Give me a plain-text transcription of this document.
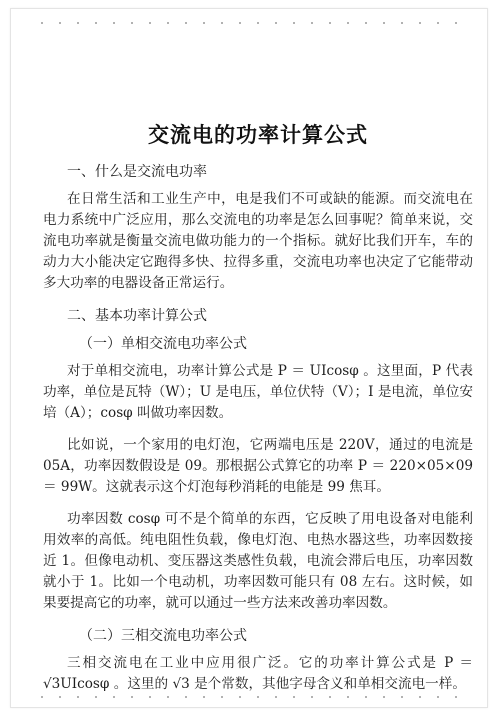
交流电的功率计算公式
一、什么是交流电功率

在日常生活和工业生产中，电是我们不可或缺的能源。而交流电在电力系统中广泛应用，那么交流电的功率是怎么回事呢？简单来说，交流电功率就是衡量交流电做功能力的一个指标。就好比我们开车，车的动力大小能决定它跑得多快、拉得多重，交流电功率也决定了它能带动多大功率的电器设备正常运行。

二、基本功率计算公式
（一）单相交流电功率公式

对于单相交流电，功率计算公式是 P ＝ UIcosφ 。这里面，P 代表功率，单位是瓦特（W）；U 是电压，单位伏特（V）；I 是电流，单位安培（A）；cosφ 叫做功率因数。

比如说，一个家用的电灯泡，它两端电压是 220V，通过的电流是 05A，功率因数假设是 09。那根据公式算它的功率 P ＝ 220×05×09 ＝ 99W。这就表示这个灯泡每秒消耗的电能是 99 焦耳。

功率因数 cosφ 可不是个简单的东西，它反映了用电设备对电能利用效率的高低。纯电阻性负载，像电灯泡、电热水器这些，功率因数接近 1。但像电动机、变压器这类感性负载，电流会滞后电压，功率因数就小于 1。比如一个电动机，功率因数可能只有 08 左右。这时候，如果要提高它的功率，就可以通过一些方法来改善功率因数。

（二）三相交流电功率公式

三相交流电在工业中应用很广泛。它的功率计算公式是 P ＝ √3UIcosφ 。这里的 √3 是个常数，其他字母含义和单相交流电一样。
